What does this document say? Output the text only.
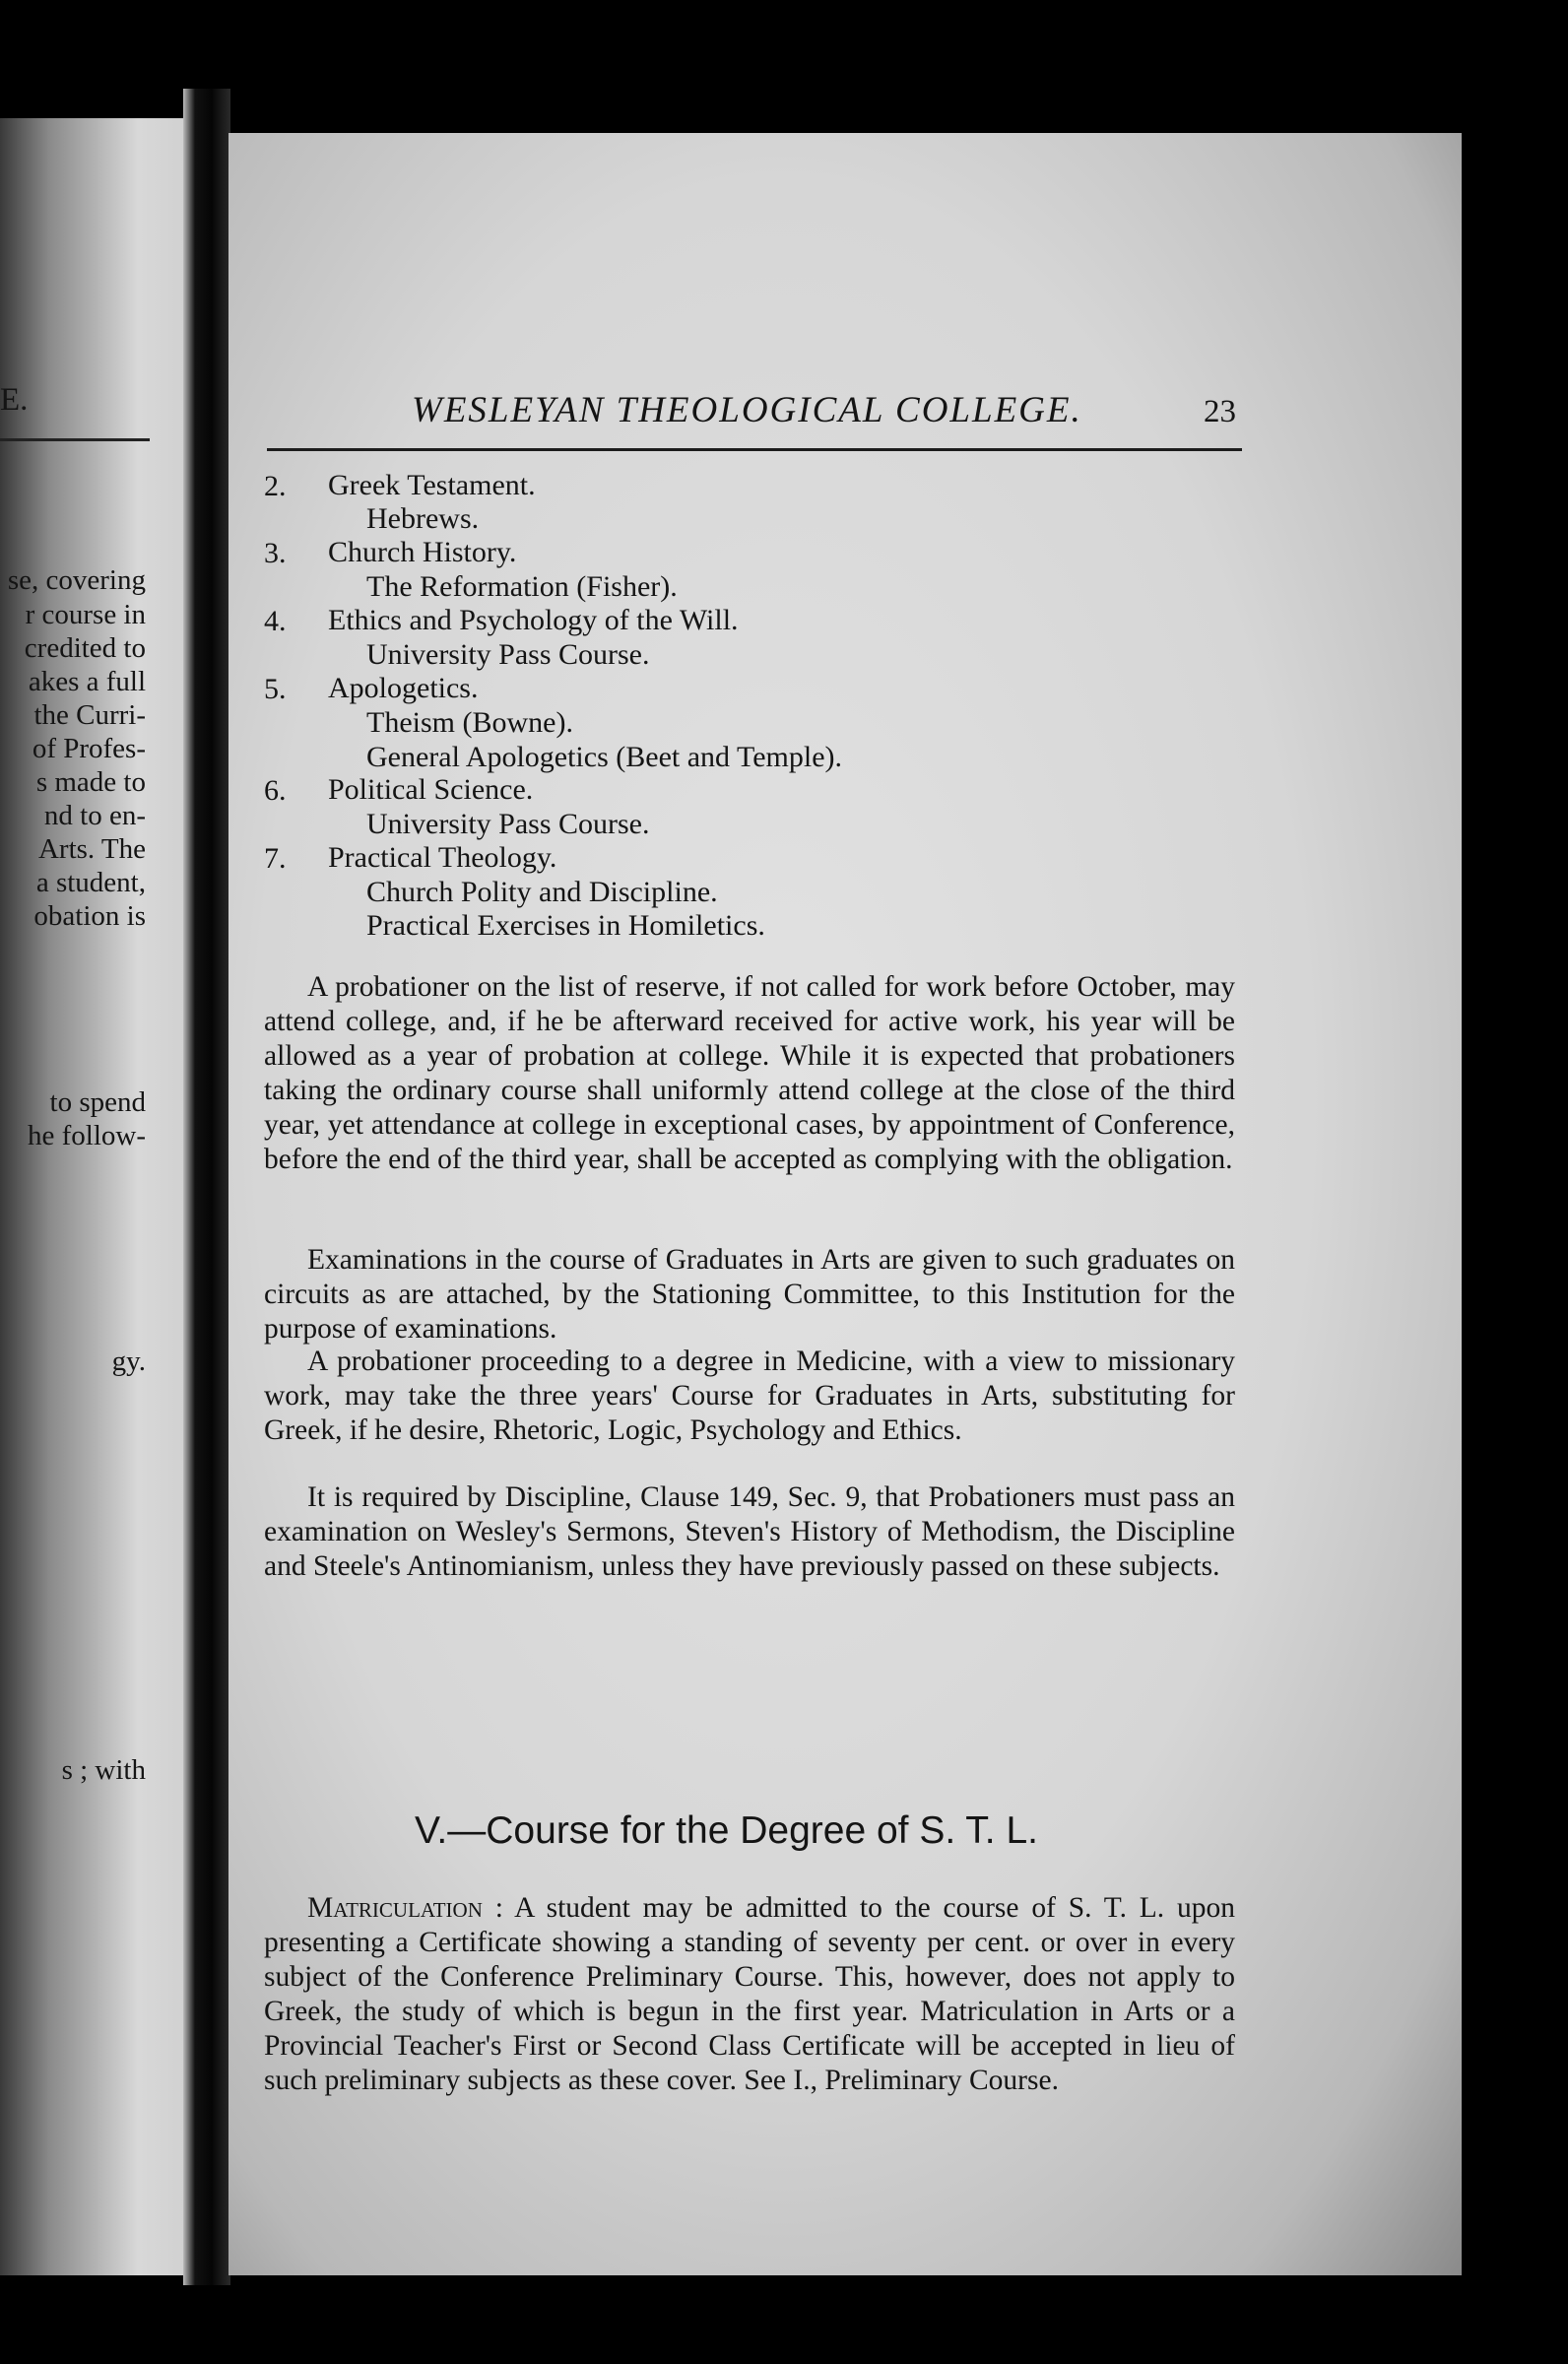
E.
se, covering
r course in
credited to
akes a full
the Curri-
of Profes-
s made to
nd to en-
Arts. The
a student,
obation is
to spend
he follow-
gy.
s ; with
WESLEYAN THEOLOGICAL COLLEGE.	23
2. Greek Testament.
Hebrews.
3. Church History.
The Reformation (Fisher).
4. Ethics and Psychology of the Will.
University Pass Course.
5. Apologetics.
Theism (Bowne).
General Apologetics (Beet and Temple).
6. Political Science.
University Pass Course.
7. Practical Theology.
Church Polity and Discipline.
Practical Exercises in Homiletics.

A probationer on the list of reserve, if not called for work before October, may attend college, and, if he be afterward received for active work, his year will be allowed as a year of probation at college. While it is expected that probationers taking the ordinary course shall uniformly attend college at the close of the third year, yet attendance at college in exceptional cases, by appointment of Conference, before the end of the third year, shall be accepted as complying with the obligation.

Examinations in the course of Graduates in Arts are given to such graduates on circuits as are attached, by the Stationing Committee, to this Institution for the purpose of examinations.

A probationer proceeding to a degree in Medicine, with a view to missionary work, may take the three years' Course for Graduates in Arts, substituting for Greek, if he desire, Rhetoric, Logic, Psychology and Ethics.

It is required by Discipline, Clause 149, Sec. 9, that Probationers must pass an examination on Wesley's Sermons, Steven's History of Methodism, the Discipline and Steele's Antinomianism, unless they have previously passed on these subjects.

V.—Course for the Degree of S. T. L.

Matriculation : A student may be admitted to the course of S. T. L. upon presenting a Certificate showing a standing of seventy per cent. or over in every subject of the Conference Preliminary Course. This, however, does not apply to Greek, the study of which is begun in the first year. Matriculation in Arts or a Provincial Teacher's First or Second Class Certificate will be accepted in lieu of such preliminary subjects as these cover. See I., Preliminary Course.
